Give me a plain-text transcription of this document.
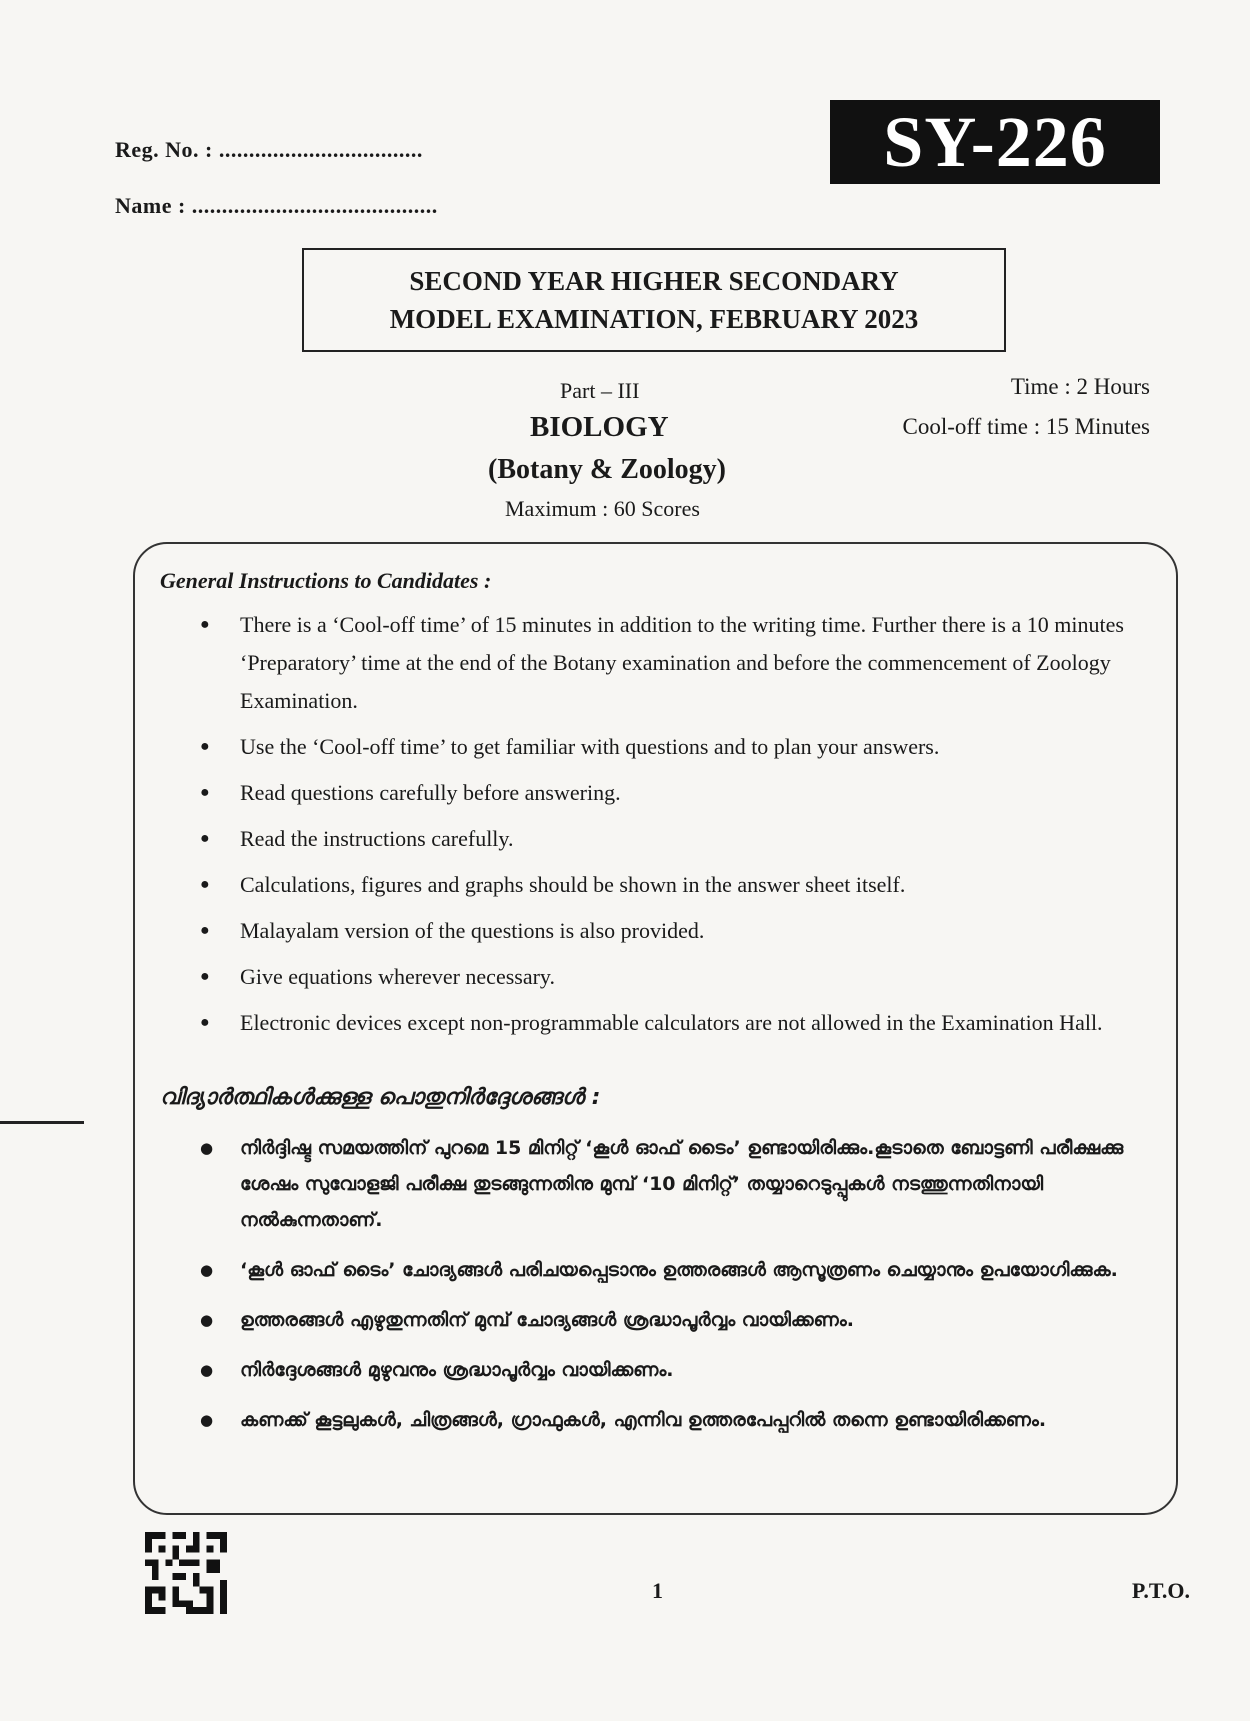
Reg. No. : ..................................
Name : .........................................
SY-226
SECOND YEAR HIGHER SECONDARY
MODEL EXAMINATION, FEBRUARY 2023
Part – III
BIOLOGY
(Botany & Zoology)
Maximum : 60 Scores
Time : 2 Hours
Cool-off time : 15 Minutes
General Instructions to Candidates :
● There is a ‘Cool-off time’ of 15 minutes in addition to the writing time. Further there is a 10 minutes ‘Preparatory’ time at the end of the Botany examination and before the commencement of Zoology Examination.
● Use the ‘Cool-off time’ to get familiar with questions and to plan your answers.
● Read questions carefully before answering.
● Read the instructions carefully.
● Calculations, figures and graphs should be shown in the answer sheet itself.
● Malayalam version of the questions is also provided.
● Give equations wherever necessary.
● Electronic devices except non-programmable calculators are not allowed in the Examination Hall.
വിദ്യാർത്ഥികൾക്കുള്ള പൊതുനിർദ്ദേശങ്ങൾ :
● നിർദ്ദിഷ്ട സമയത്തിന് പുറമെ 15 മിനിറ്റ് ‘കൂൾ ഓഫ് ടൈം’ ഉണ്ടായിരിക്കും.കൂടാതെ ബോട്ടണി പരീക്ഷക്കു ശേഷം സുവോളജി പരീക്ഷ തുടങ്ങുന്നതിനു മുമ്പ് ‘10 മിനിറ്റ്’ തയ്യാറെടുപ്പുകൾ നടത്തുന്നതിനായി നൽകുന്നതാണ്.
● ‘കൂൾ ഓഫ് ടൈം’ ചോദ്യങ്ങൾ പരിചയപ്പെടാനും ഉത്തരങ്ങൾ ആസൂത്രണം ചെയ്യാനും ഉപയോഗിക്കുക.
● ഉത്തരങ്ങൾ എഴുതുന്നതിന് മുമ്പ് ചോദ്യങ്ങൾ ശ്രദ്ധാപൂർവ്വം വായിക്കണം.
● നിർദ്ദേശങ്ങൾ മുഴുവനും ശ്രദ്ധാപൂർവ്വം വായിക്കണം.
● കണക്ക് കൂട്ടലുകൾ, ചിത്രങ്ങൾ, ഗ്രാഫുകൾ, എന്നിവ ഉത്തരപേപ്പറിൽ തന്നെ ഉണ്ടായിരിക്കണം.
1	P.T.O.
